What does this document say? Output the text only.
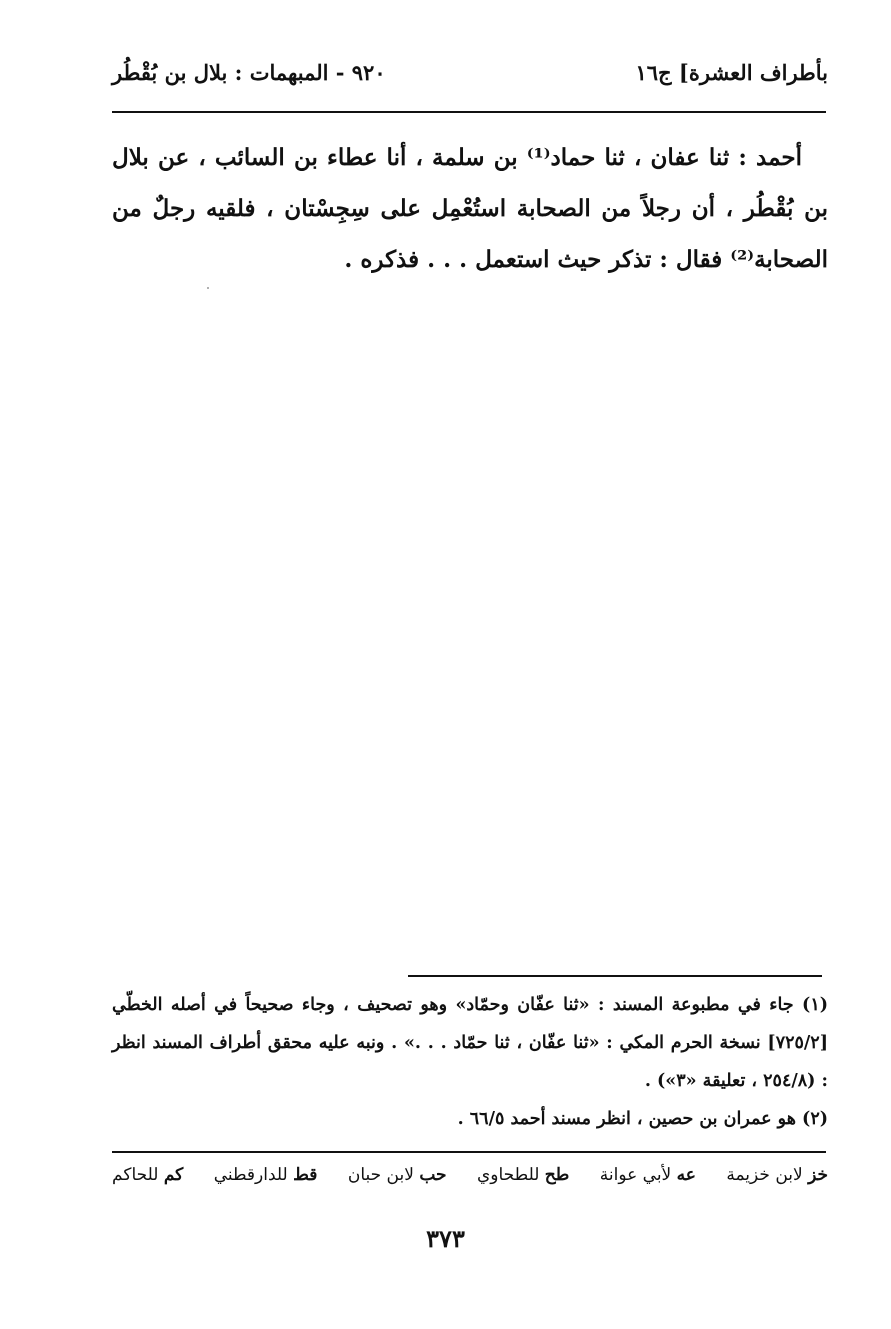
بأطراف العشرة] ج١٦
٩٢٠ - المبهمات : بلال بن بُقْطُر

أحمد : ثنا عفان ، ثنا حماد⁽¹⁾ بن سلمة ، أنا عطاء بن السائب ، عن بلال بن بُقْطُر ، أن رجلاً من الصحابة استُعْمِل على سِجِسْتان ، فلقيه رجلٌ من الصحابة⁽²⁾ فقال : تذكر حيث استعمل . . . فذكره .

(١) جاء في مطبوعة المسند : «ثنا عفّان وحمّاد» وهو تصحيف ، وجاء صحيحاً في أصله الخطّي [٧٢٥/٢] نسخة الحرم المكي : «ثنا عفّان ، ثنا حمّاد . . .» . ونبه عليه محقق أطراف المسند انظر : (٢٥٤/٨ ، تعليقة «٣») .

(٢) هو عمران بن حصين ، انظر مسند أحمد ٦٦/٥ .

خز لابن خزيمة
عه لأبي عوانة
طح للطحاوي
حب لابن حبان
قط للدارقطني
كم للحاكم
٣٧٣
